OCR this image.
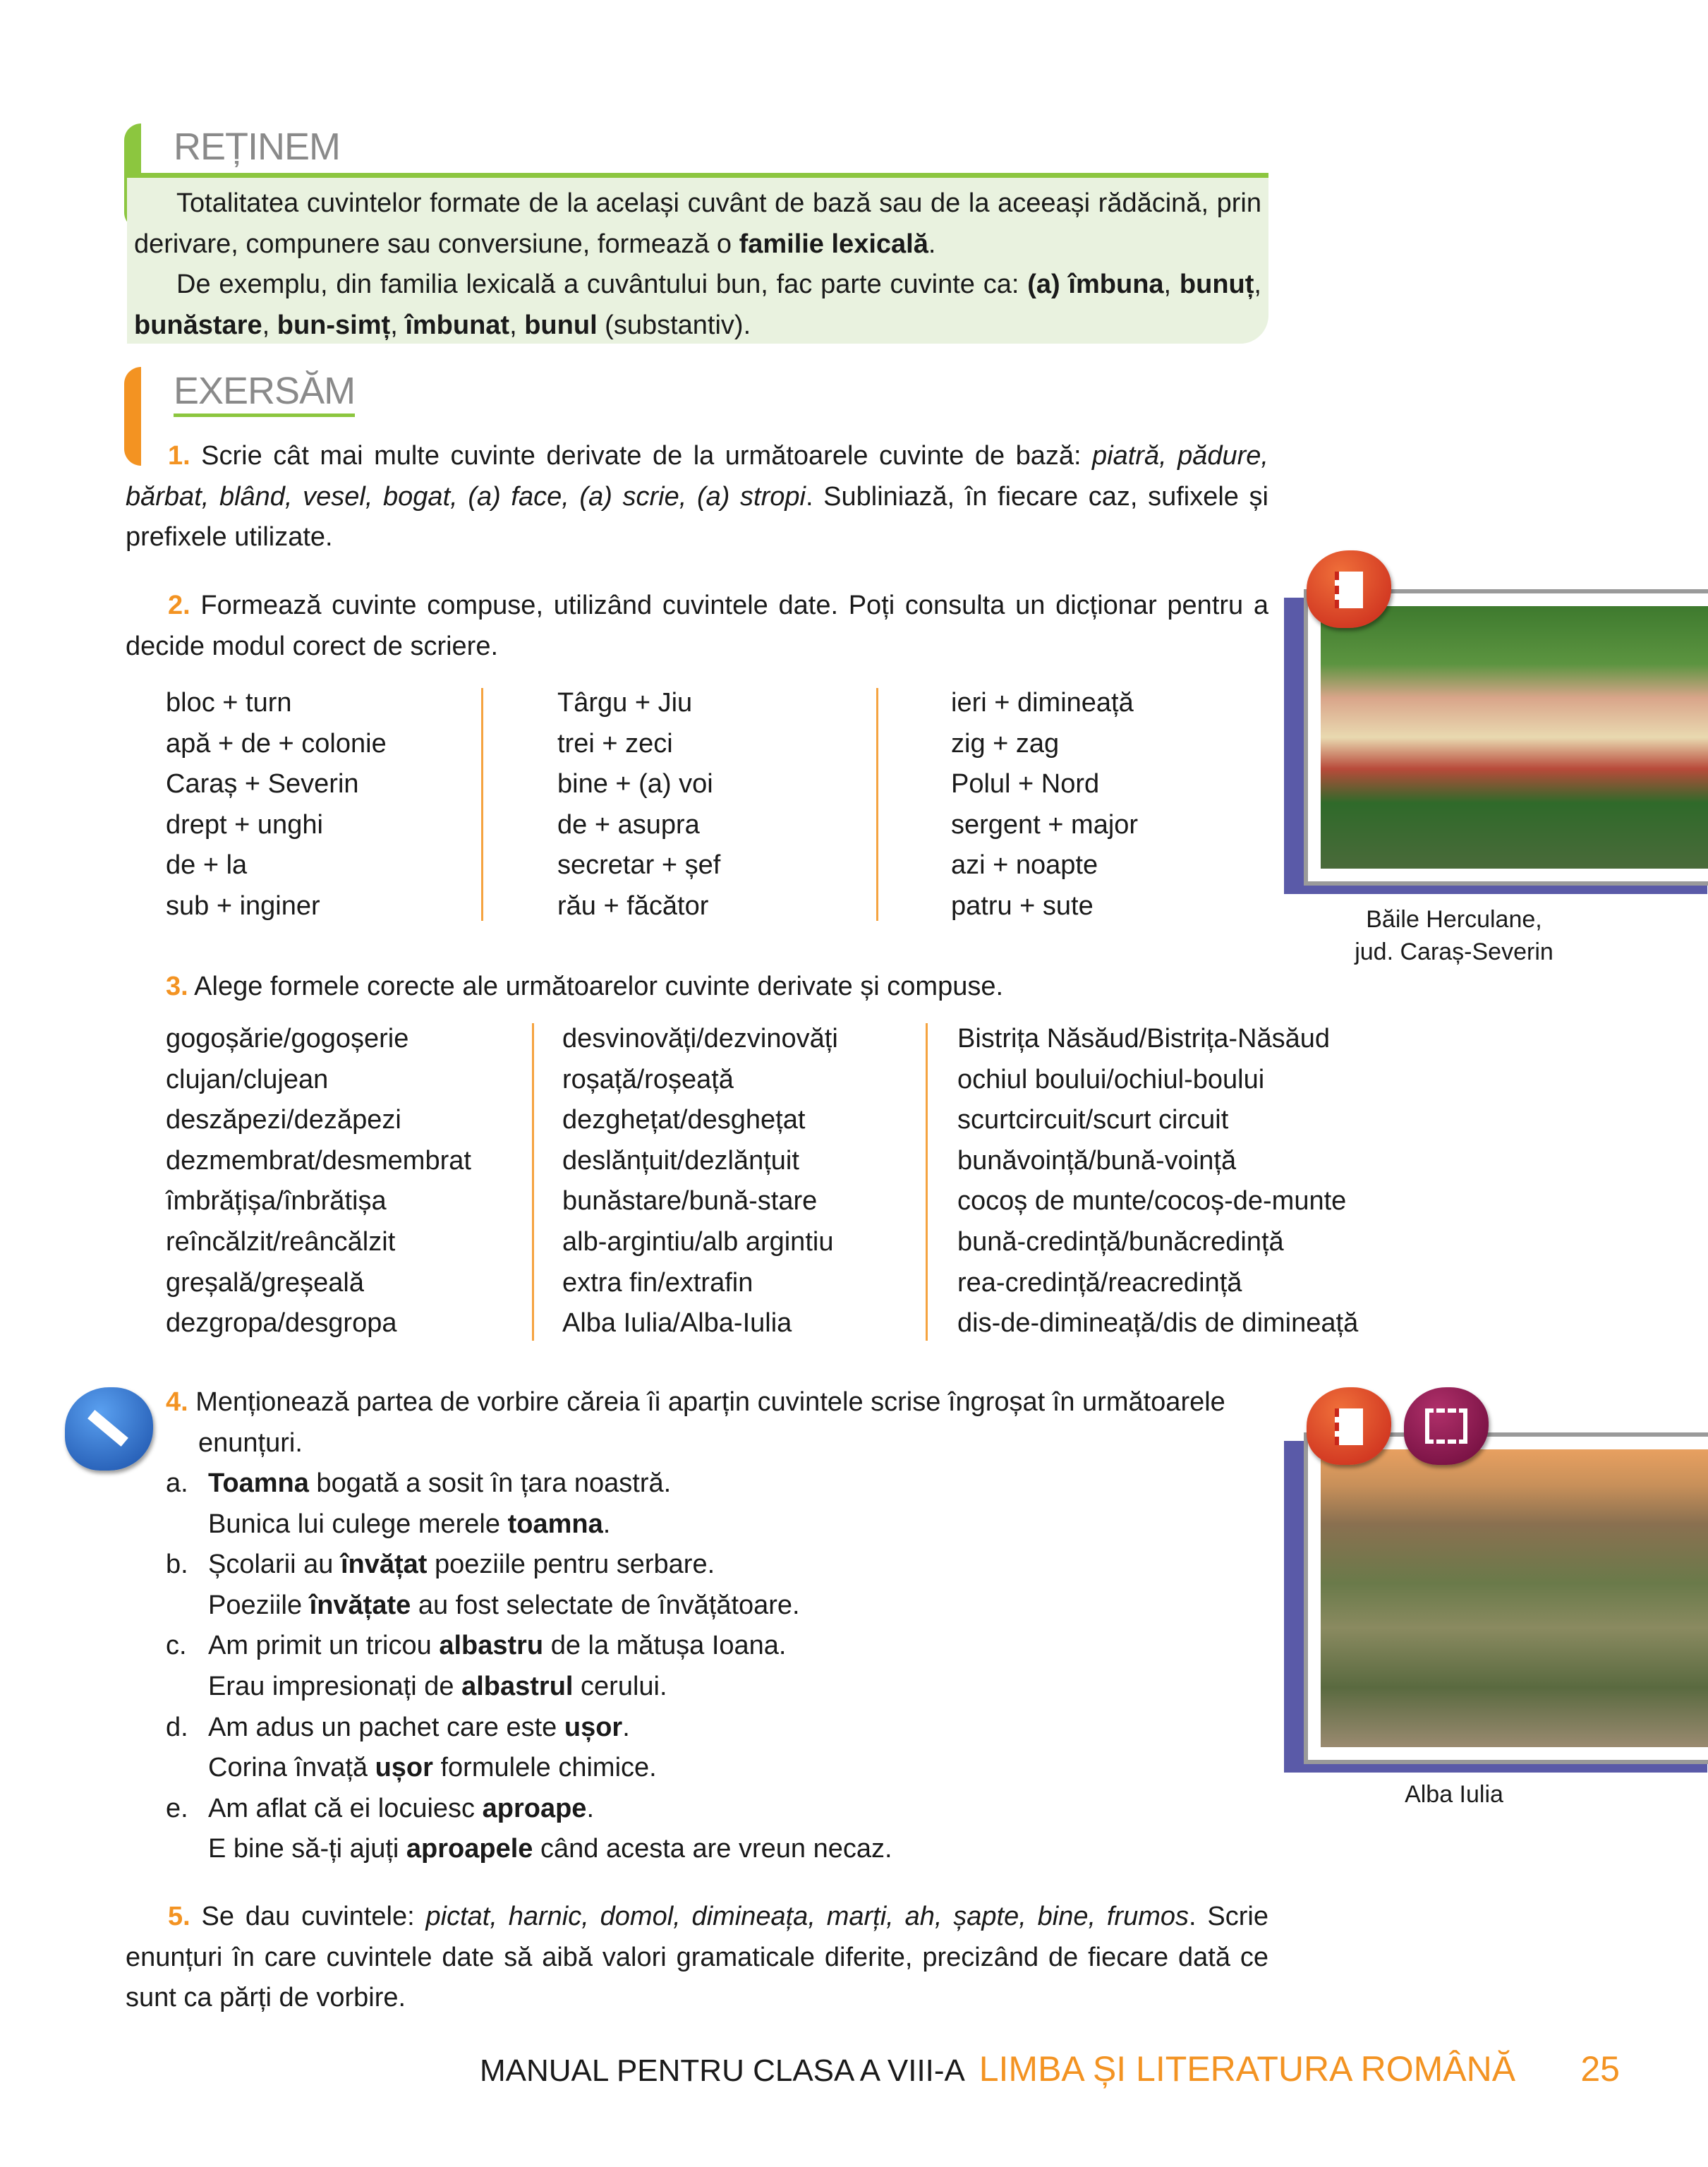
REȚINEM

Totalitatea cuvintelor formate de la același cuvânt de bază sau de la aceeași rădăcină, prin derivare, compunere sau conversiune, formează o familie lexicală.

De exemplu, din familia lexicală a cuvântului bun, fac parte cuvinte ca: (a) îmbuna, bunuț, bunăstare, bun-simț, îmbunat, bunul (substantiv).

EXERSĂM

1. Scrie cât mai multe cuvinte derivate de la următoarele cuvinte de bază: piatră, pădure, bărbat, blând, vesel, bogat, (a) face, (a) scrie, (a) stropi. Subliniază, în fiecare caz, sufixele și prefixele utilizate.

2. Formează cuvinte compuse, utilizând cuvintele date. Poți consulta un dicționar pentru a decide modul corect de scriere.

bloc + turn
apă + de + colonie
Caraș + Severin
drept + unghi
de + la
sub + inginer
Târgu + Jiu
trei + zeci
bine + (a) voi
de + asupra
secretar + șef
rău + făcător
ieri + dimineață
zig + zag
Polul + Nord
sergent + major
azi + noapte
patru + sute	Băile Herculane,
jud. Caraș-Severin

3. Alege formele corecte ale următoarelor cuvinte derivate și compuse.

gogoșărie/gogoșerie
clujan/clujean
deszăpezi/dezăpezi
dezmembrat/desmembrat
îmbrățișa/înbrătișa
reîncălzit/reâncălzit
greșală/greșeală
dezgropa/desgropa
desvinovăți/dezvinovăți
roșață/roșeață
dezghețat/desghețat
deslănțuit/dezlănțuit
bunăstare/bună-stare
alb-argintiu/alb argintiu
extra fin/extrafin
Alba Iulia/Alba-Iulia
Bistrița Năsăud/Bistrița-Năsăud
ochiul boului/ochiul-boului
scurtcircuit/scurt circuit
bunăvoință/bună-voință
cocoș de munte/cocoș-de-munte
bună-credință/bunăcredință
rea-credință/reacredință
dis-de-dimineață/dis de dimineață

4. Menționează partea de vorbire căreia îi aparțin cuvintele scrise îngroșat în următoarele enunțuri.

a. Toamna bogată a sosit în țara noastră.
Bunica lui culege merele toamna.
b. Școlarii au învățat poeziile pentru serbare.
Poeziile învățate au fost selectate de învățătoare.
c. Am primit un tricou albastru de la mătușa Ioana.
Erau impresionați de albastrul cerului.
d. Am adus un pachet care este ușor.
Corina învață ușor formulele chimice.
e. Am aflat că ei locuiesc aproape.
E bine să-ți ajuți aproapele când acesta are vreun necaz.
Alba Iulia

5. Se dau cuvintele: pictat, harnic, domol, dimineața, marți, ah, șapte, bine, frumos. Scrie enunțuri în care cuvintele date să aibă valori gramaticale diferite, precizând de fiecare dată ce sunt ca părți de vorbire.

MANUAL PENTRU CLASA A VIII-A LIMBA ȘI LITERATURA ROMÂNĂ 25
